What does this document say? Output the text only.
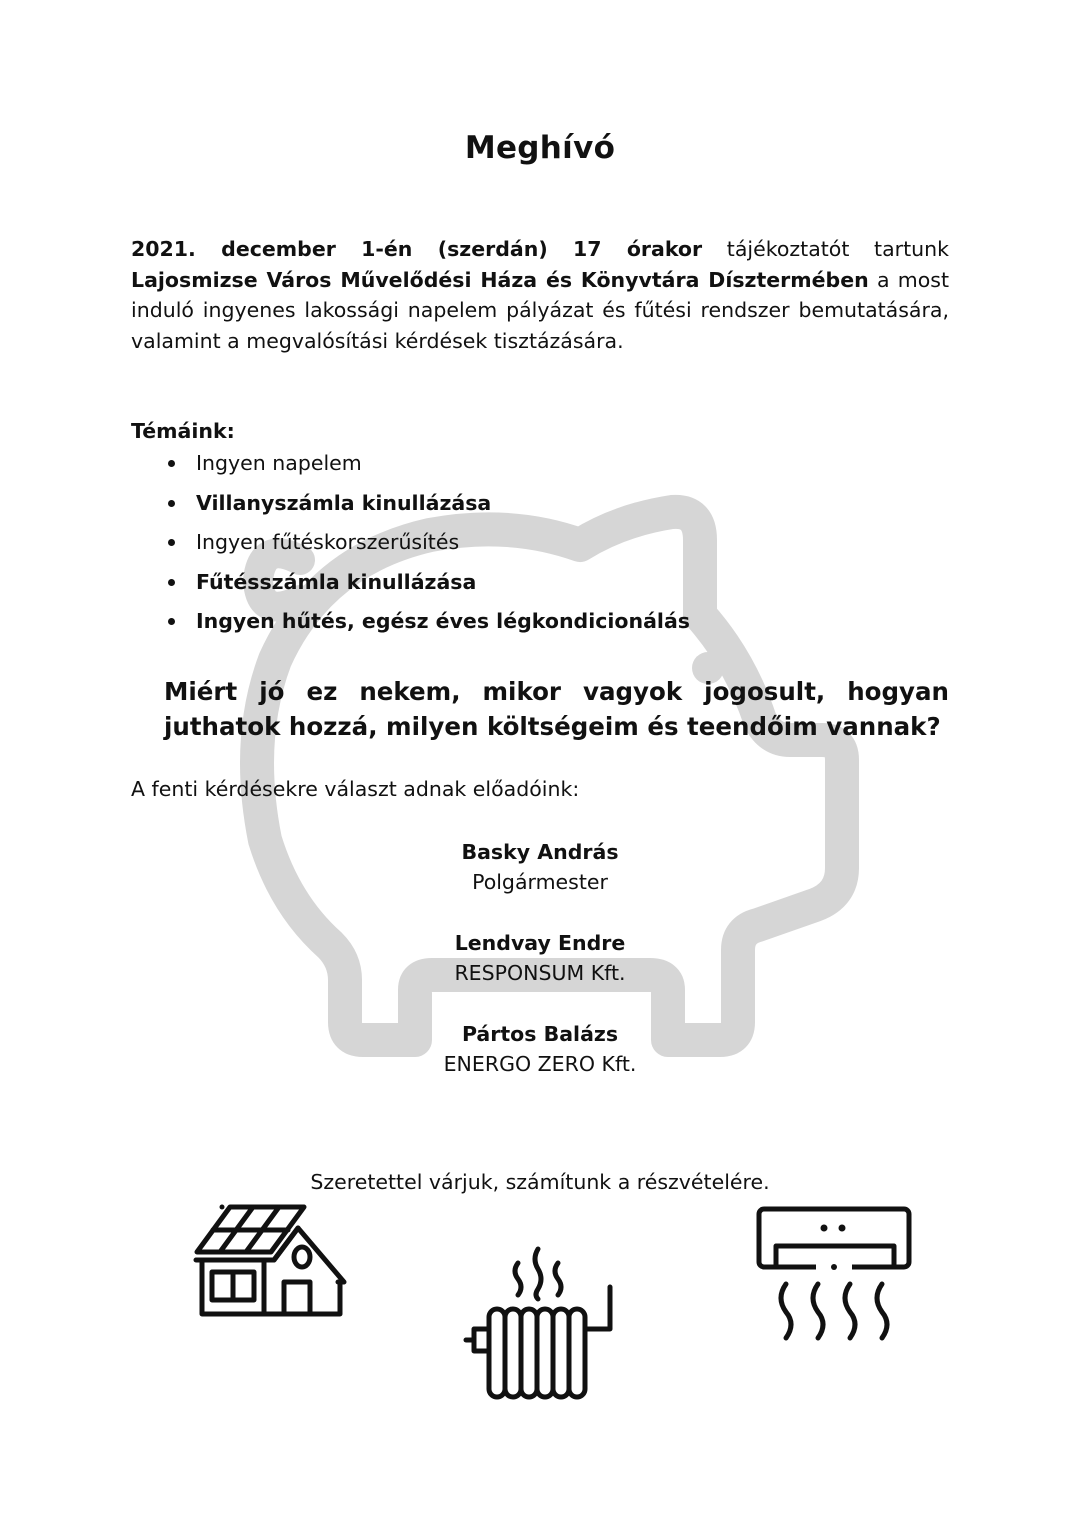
Meghívó
2021. december 1-én (szerdán) 17 órakor tájékoztatót tartunk Lajosmizse Város Művelődési Háza és Könyvtára Dísztermében a most induló ingyenes lakossági napelem pályázat és fűtési rendszer bemutatására, valamint a megvalósítási kérdések tisztázására.
Témáink:
Ingyen napelem
Villanyszámla kinullázása
Ingyen fűtéskorszerűsítés
Fűtésszámla kinullázása
Ingyen hűtés, egész éves légkondicionálás
Miért jó ez nekem, mikor vagyok jogosult, hogyan juthatok hozzá, milyen költségeim és teendőim vannak?
A fenti kérdésekre választ adnak előadóink:
Basky András
Polgármester
Lendvay Endre
RESPONSUM Kft.
Pártos Balázs
ENERGO ZERO Kft.
Szeretettel várjuk, számítunk a részvételére.
